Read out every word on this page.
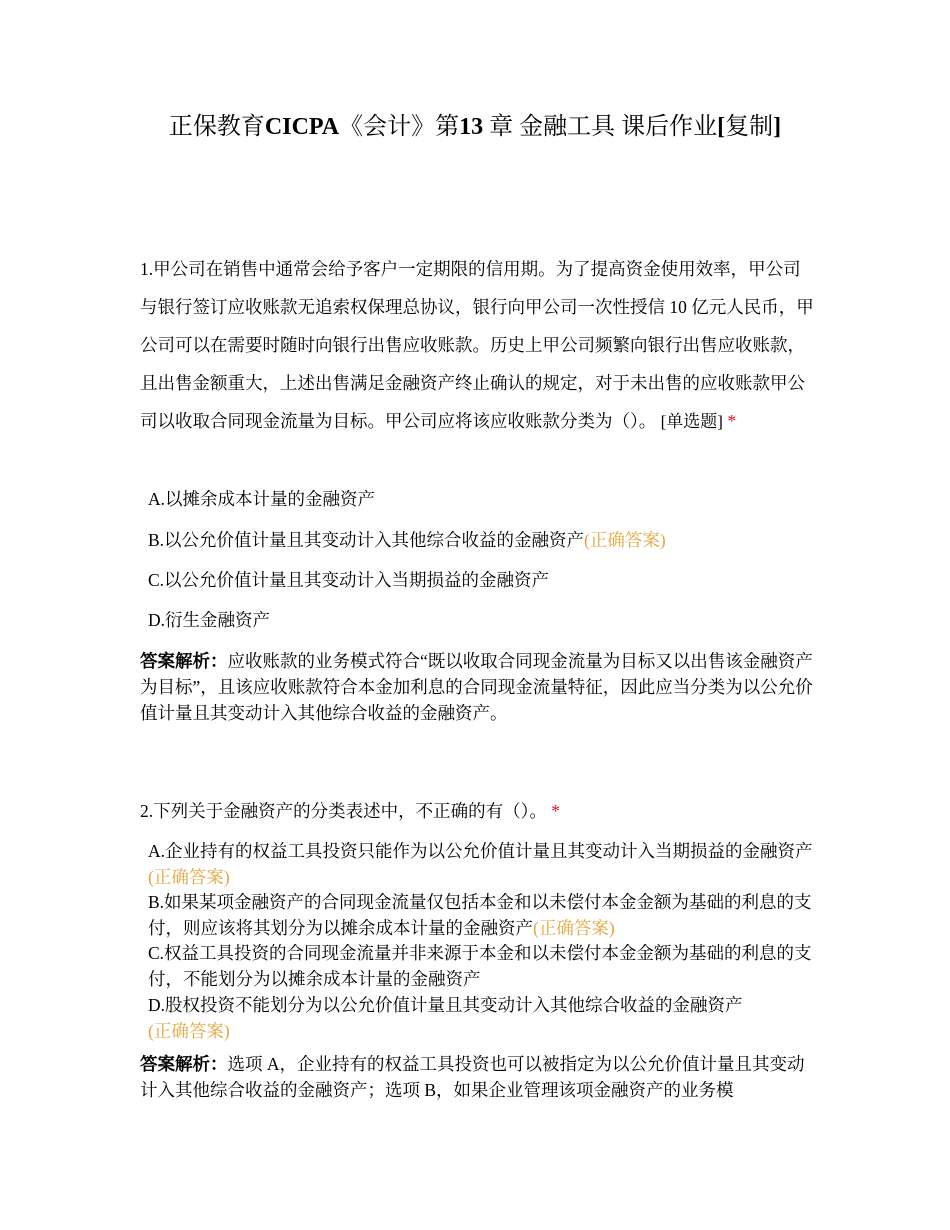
正保教育CICPA《会计》第13 章 金融工具 课后作业[复制]
1.甲公司在销售中通常会给予客户一定期限的信用期。为了提高资金使用效率，甲公司与银行签订应收账款无追索权保理总协议，银行向甲公司一次性授信 10 亿元人民币，甲公司可以在需要时随时向银行出售应收账款。历史上甲公司频繁向银行出售应收账款，且出售金额重大，上述出售满足金融资产终止确认的规定，对于未出售的应收账款甲公司以收取合同现金流量为目标。甲公司应将该应收账款分类为（）。 [单选题] *
A.以摊余成本计量的金融资产
B.以公允价值计量且其变动计入其他综合收益的金融资产(正确答案)
C.以公允价值计量且其变动计入当期损益的金融资产
D.衍生金融资产
答案解析：应收账款的业务模式符合“既以收取合同现金流量为目标又以出售该金融资产为目标”，且该应收账款符合本金加利息的合同现金流量特征，因此应当分类为以公允价值计量且其变动计入其他综合收益的金融资产。
2.下列关于金融资产的分类表述中，不正确的有（）。 *
A.企业持有的权益工具投资只能作为以公允价值计量且其变动计入当期损益的金融资产(正确答案)
B.如果某项金融资产的合同现金流量仅包括本金和以未偿付本金金额为基础的利息的支付，则应该将其划分为以摊余成本计量的金融资产(正确答案)
C.权益工具投资的合同现金流量并非来源于本金和以未偿付本金金额为基础的利息的支付，不能划分为以摊余成本计量的金融资产
D.股权投资不能划分为以公允价值计量且其变动计入其他综合收益的金融资产
(正确答案)
答案解析：选项 A，企业持有的权益工具投资也可以被指定为以公允价值计量且其变动计入其他综合收益的金融资产；选项 B，如果企业管理该项金融资产的业务模
